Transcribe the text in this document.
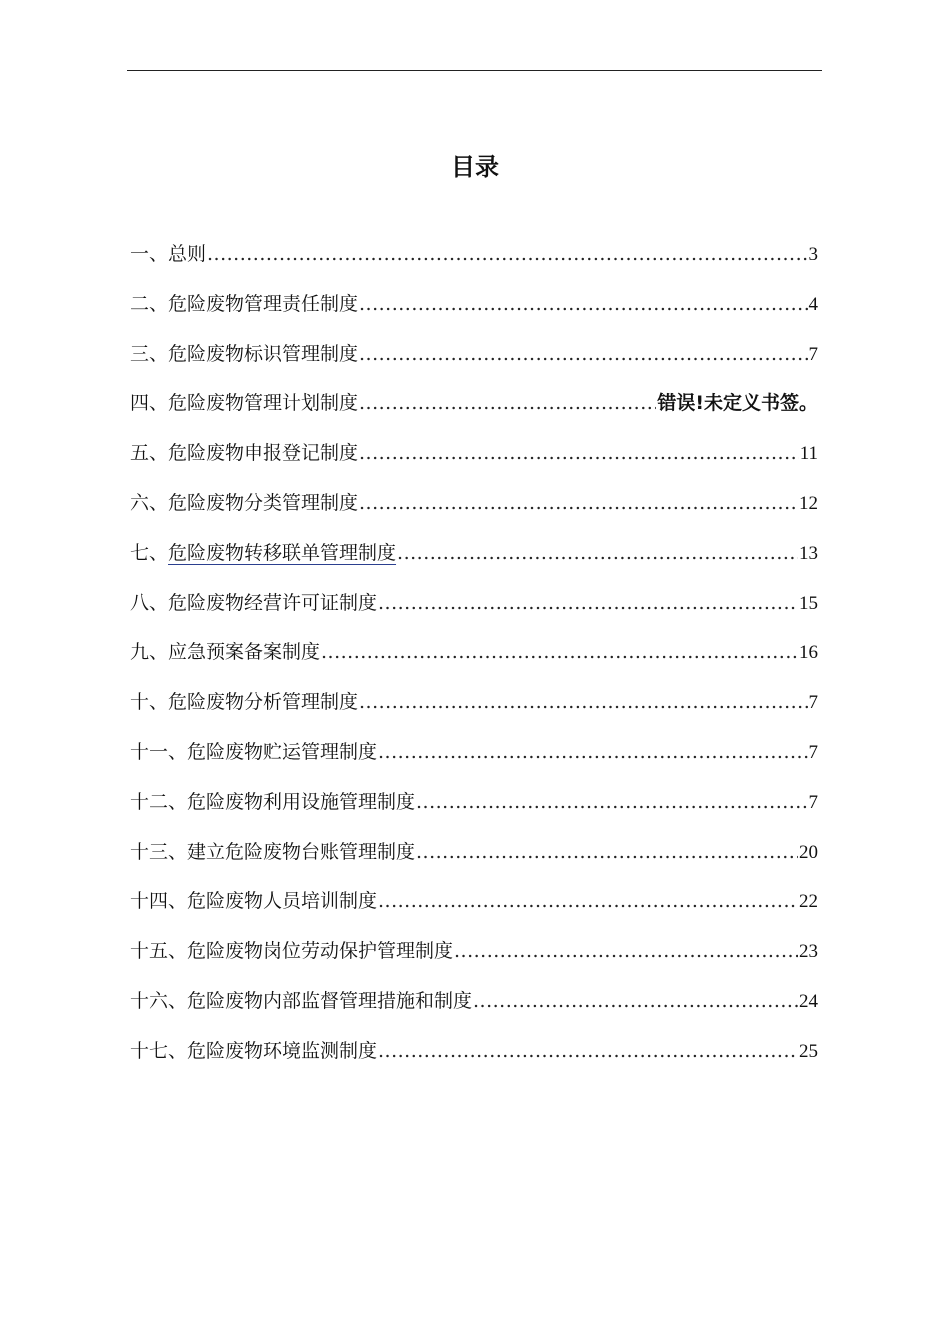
目录
一、总则 .....	3
二、危险废物管理责任制度 .....	4
三、危险废物标识管理制度 .....	7
四、危险废物管理计划制度 .....	错误!未定义书签。
五、危险废物申报登记制度 .....	11
六、危险废物分类管理制度 .....	12
七、危险废物转移联单管理制度 .....	13
八、危险废物经营许可证制度 .....	15
九、应急预案备案制度 .....	16
十、危险废物分析管理制度 .....	7
十一、危险废物贮运管理制度 .....	7
十二、危险废物利用设施管理制度 .....	7
十三、建立危险废物台账管理制度 .....	20
十四、危险废物人员培训制度 .....	22
十五、危险废物岗位劳动保护管理制度 .....	23
十六、危险废物内部监督管理措施和制度 .....	24
十七、危险废物环境监测制度 .....	25
